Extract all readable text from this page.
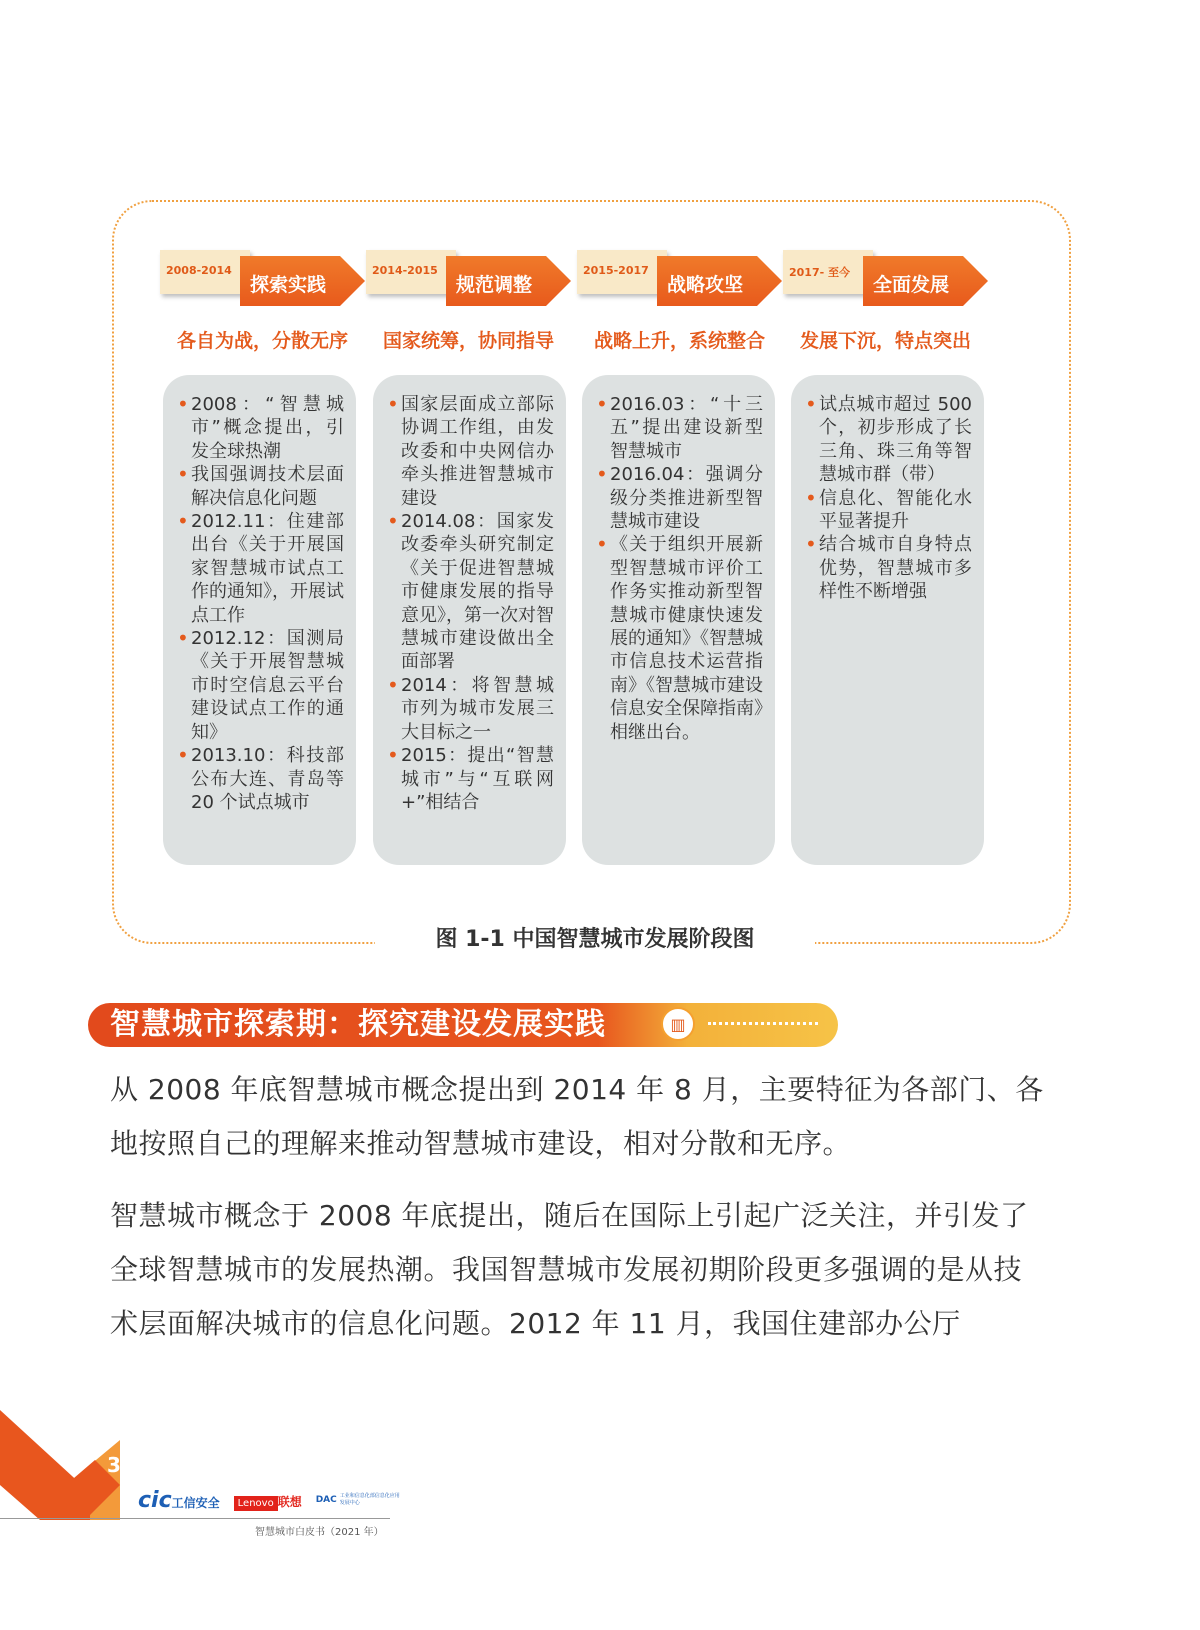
图 1-1 中国智慧城市发展阶段图
2008-2014
探索实践
各自为战，分散无序
2014-2015
规范调整
国家统筹，协同指导
2015-2017
战略攻坚
战略上升，系统整合
2017- 至今
全面发展
发展下沉，特点突出
• 2008：“智慧城市”概念提出，引发全球热潮
• 我国强调技术层面解决信息化问题
• 2012.11：住建部出台《关于开展国家智慧城市试点工作的通知》，开展试点工作
• 2012.12：国测局《关于开展智慧城市时空信息云平台建设试点工作的通知》
• 2013.10：科技部公布大连、青岛等 20 个试点城市
• 国家层面成立部际协调工作组，由发改委和中央网信办牵头推进智慧城市建设
• 2014.08：国家发改委牵头研究制定《关于促进智慧城市健康发展的指导意见》，第一次对智慧城市建设做出全面部署
• 2014：将智慧城市列为城市发展三大目标之一
• 2015：提出“智慧城市”与“互联网+”相结合
• 2016.03：“十三五”提出建设新型智慧城市
• 2016.04：强调分级分类推进新型智慧城市建设
• 《关于组织开展新型智慧城市评价工作务实推动新型智慧城市健康快速发展的通知》《智慧城市信息技术运营指南》《智慧城市建设信息安全保障指南》相继出台。
• 试点城市超过 500 个，初步形成了长三角、珠三角等智慧城市群（带）
• 信息化、智能化水平显著提升
• 结合城市自身特点优势，智慧城市多样性不断增强
智慧城市探索期：探究建设发展实践	▥
从 2008 年底智慧城市概念提出到 2014 年 8 月，主要特征为各部门、各地按照自己的理解来推动智慧城市建设，相对分散和无序。
智慧城市概念于 2008 年底提出，随后在国际上引起广泛关注，并引发了全球智慧城市的发展热潮。我国智慧城市发展初期阶段更多强调的是从技术层面解决城市的信息化问题。2012 年 11 月，我国住建部办公厅
3
cic工信安全	Lenovo 联想 DAC 工业和信息化部信息化应用发展中心
智慧城市白皮书（2021 年）
